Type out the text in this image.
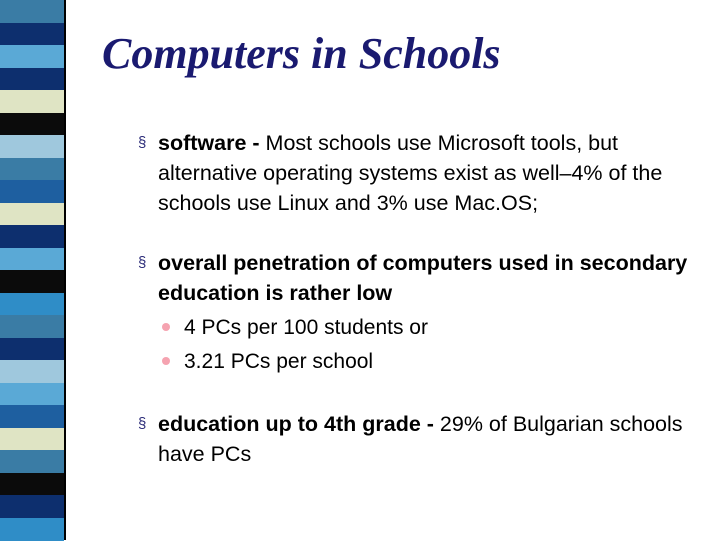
Computers in Schools
§ software - Most schools use Microsoft tools, but alternative operating systems exist as well–4% of the schools use Linux and 3% use Mac.OS;
§ overall penetration of computers used in secondary education is rather low
4 PCs per 100 students or
3.21 PCs per school
§ education up to 4th grade - 29% of Bulgarian schools have PCs
